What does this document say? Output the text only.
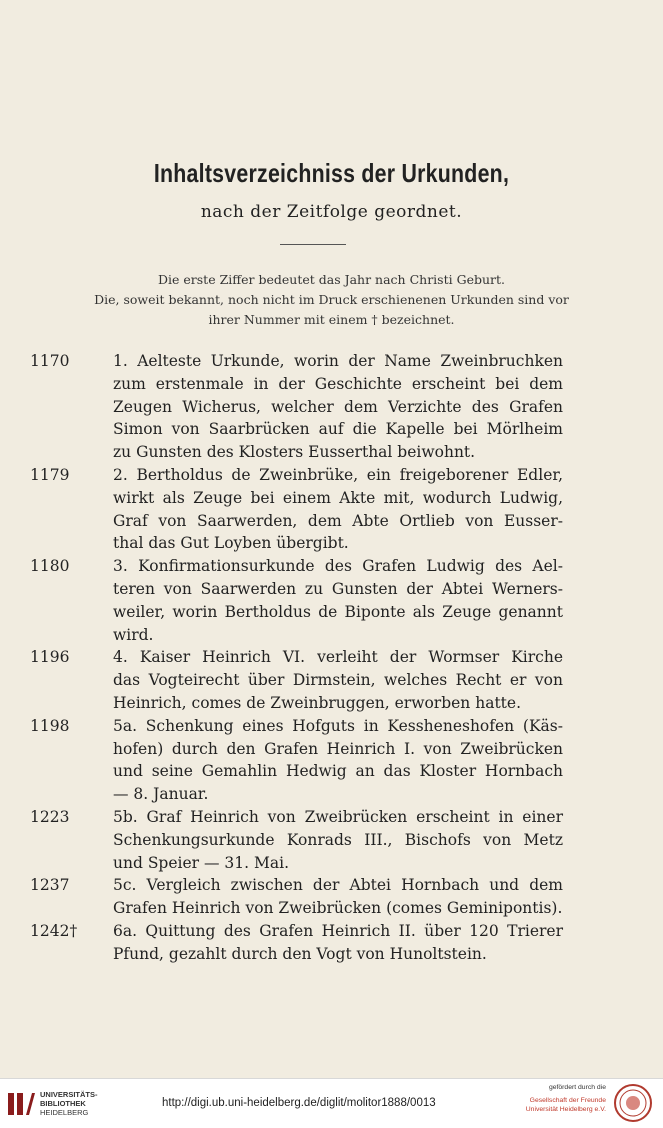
Inhaltsverzeichniss der Urkunden,
nach der Zeitfolge geordnet.
Die erste Ziffer bedeutet das Jahr nach Christi Geburt.
Die, soweit bekannt, noch nicht im Druck erschienenen Urkunden sind vor
ihrer Nummer mit einem † bezeichnet.
1170	1. Aelteste Urkunde, worin der Name Zweinbruchken
zum erstenmale in der Geschichte erscheint bei dem
Zeugen Wicherus, welcher dem Verzichte des Grafen
Simon von Saarbrücken auf die Kapelle bei Mörlheim
zu Gunsten des Klosters Eusserthal beiwohnt.
1179	2. Bertholdus de Zweinbrüke, ein freigeborener Edler,
wirkt als Zeuge bei einem Akte mit, wodurch Ludwig,
Graf von Saarwerden, dem Abte Ortlieb von Eusser-
thal das Gut Loyben übergibt.
1180	3. Konfirmationsurkunde des Grafen Ludwig des Ael-
teren von Saarwerden zu Gunsten der Abtei Werners-
weiler, worin Bertholdus de Biponte als Zeuge genannt
wird.
1196	4. Kaiser Heinrich VI. verleiht der Wormser Kirche
das Vogteirecht über Dirmstein, welches Recht er von
Heinrich, comes de Zweinbruggen, erworben hatte.
1198	5a. Schenkung eines Hofguts in Kessheneshofen (Käs-
hofen) durch den Grafen Heinrich I. von Zweibrücken
und seine Gemahlin Hedwig an das Kloster Hornbach
— 8. Januar.
1223	5b. Graf Heinrich von Zweibrücken erscheint in einer
Schenkungsurkunde Konrads III., Bischofs von Metz
und Speier — 31. Mai.
1237	5c. Vergleich zwischen der Abtei Hornbach und dem
Grafen Heinrich von Zweibrücken (comes Geminipontis).
1242†	6a. Quittung des Grafen Heinrich II. über 120 Trierer
Pfund, gezahlt durch den Vogt von Hunoltstein.
UNIVERSITÄTS-
BIBLIOTHEK
HEIDELBERG
http://digi.ub.uni-heidelberg.de/diglit/molitor1888/0013
gefördert durch die
Gesellschaft der Freunde
Universität Heidelberg e.V.
